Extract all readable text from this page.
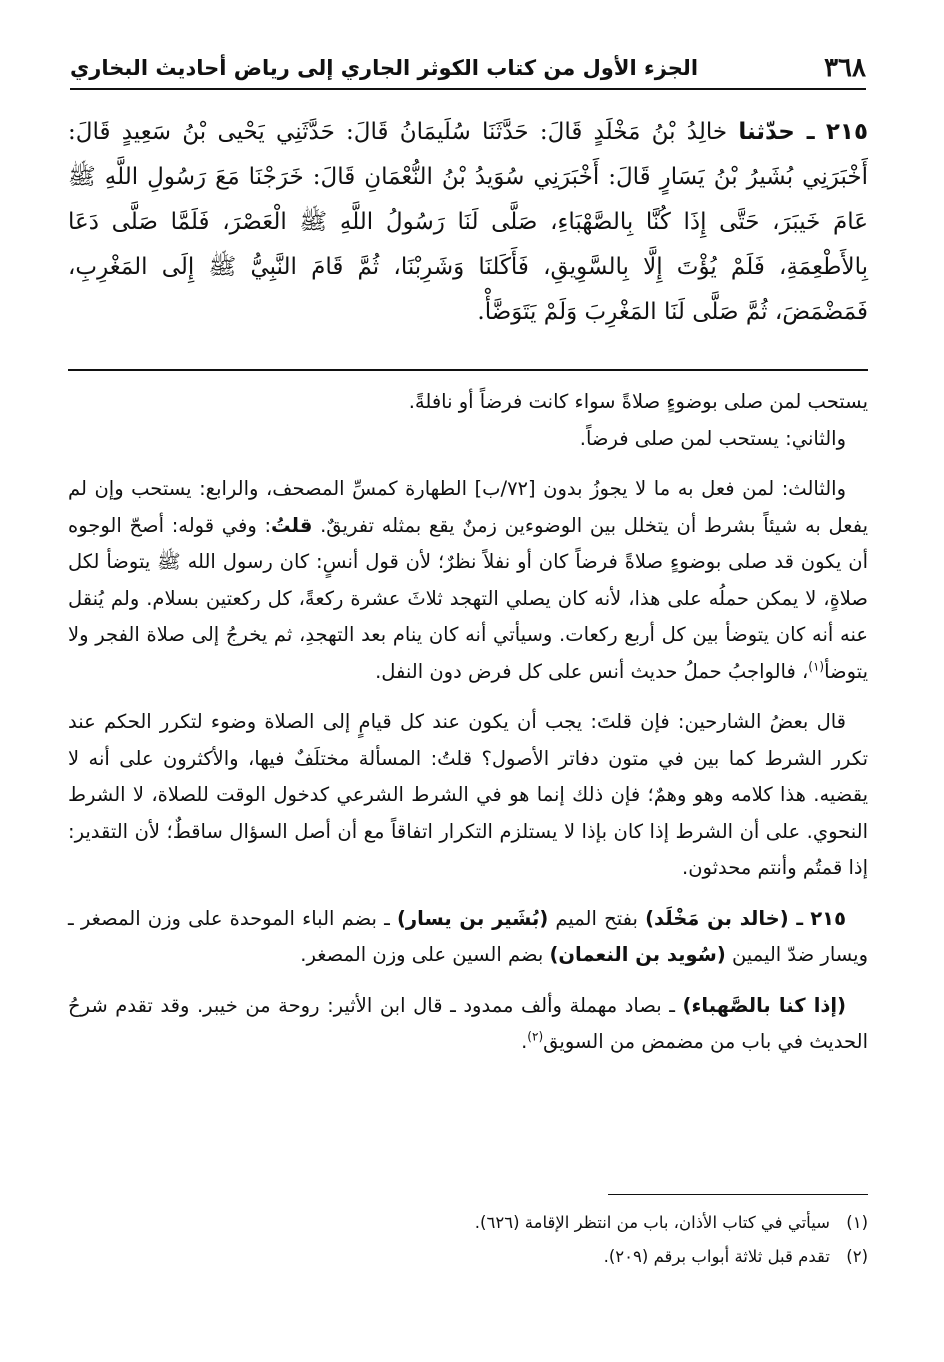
٣٦٨
الجزء الأول من كتاب الكوثر الجاري إلى رياض أحاديث البخاري
٢١٥ ـ حدّثنا خالِدُ بْنُ مَخْلَدٍ قَالَ: حَدَّثَنَا سُلَيمَانُ قَالَ: حَدَّثَنِي يَحْيى بْنُ سَعِيدٍ قَالَ: أَخْبَرَنِي بُشَيرُ بْنُ يَسَارٍ قَالَ: أَخْبَرَنِي سُوَيدُ بْنُ النُّعْمَانِ قَالَ: خَرَجْنَا مَعَ رَسُولِ اللَّهِ ﷺ عَامَ خَيبَرَ، حَتَّى إِذَا كُنَّا بِالصَّهْبَاءِ، صَلَّى لَنَا رَسُولُ اللَّهِ ﷺ الْعَصْرَ، فَلَمَّا صَلَّى دَعَا بِالأَطْعِمَةِ، فَلَمْ يُؤْتَ إِلَّا بِالسَّوِيقِ، فَأَكَلنَا وَشَرِبْنَا، ثُمَّ قَامَ النَّبِيُّ ﷺ إِلَى المَغْرِبِ، فَمَضْمَضَ، ثُمَّ صَلَّى لَنَا المَغْرِبَ وَلَمْ يَتَوَضَّأْ.

يستحب لمن صلى بوضوءٍ صلاةً سواء كانت فرضاً أو نافلةً.

والثاني: يستحب لمن صلى فرضاً.

والثالث: لمن فعل به ما لا يجوزُ بدون [٧٢/ب] الطهارة كمسِّ المصحف، والرابع: يستحب وإن لم يفعل به شيئاً بشرط أن يتخلل بين الوضوءين زمنٌ يقع بمثله تفريقٌ. قلتُ: وفي قوله: أصحّ الوجوه أن يكون قد صلى بوضوءٍ صلاةً فرضاً كان أو نفلاً نظرٌ؛ لأن قول أنسٍ: كان رسول الله ﷺ يتوضأ لكل صلاةٍ، لا يمكن حملُه على هذا، لأنه كان يصلي التهجد ثلاثَ عشرة ركعةً، كل ركعتين بسلام. ولم يُنقل عنه أنه كان يتوضأ بين كل أربع ركعات. وسيأتي أنه كان ينام بعد التهجدِ، ثم يخرجُ إلى صلاة الفجر ولا يتوضأ$^{(١)}$، فالواجبُ حملُ حديث أنس على كل فرض دون النفل.

قال بعضُ الشارحين: فإن قلتَ: يجب أن يكون عند كل قيامٍ إلى الصلاة وضوء لتكرر الحكم عند تكرر الشرط كما بين في متون دفاتر الأصول؟ قلتُ: المسألة مختلَفٌ فيها، والأكثرون على أنه لا يقضيه. هذا كلامه وهو وهمٌ؛ فإن ذلك إنما هو في الشرط الشرعي كدخول الوقت للصلاة، لا الشرط النحوي. على أن الشرط إذا كان بإذا لا يستلزم التكرار اتفاقاً مع أن أصل السؤال ساقطٌ؛ لأن التقدير: إذا قمتُم وأنتم محدثون.

٢١٥ ـ (خالد بن مَخْلَد) بفتح الميم (بُشَير بن يسار) ـ بضم الباء الموحدة على وزن المصغر ـ ويسار ضدّ اليمين (سُويد بن النعمان) بضم السين على وزن المصغر.

(إذا كنا بالصَّهباء) ـ بصاد مهملة وألف ممدود ـ قال ابن الأثير: روحة من خيبر. وقد تقدم شرحُ الحديث في باب من مضمض من السويق$^{(٢)}$.

(١)سيأتي في كتاب الأذان، باب من انتظر الإقامة (٦٢٦).
(٢)تقدم قبل ثلاثة أبواب برقم (٢٠٩).
